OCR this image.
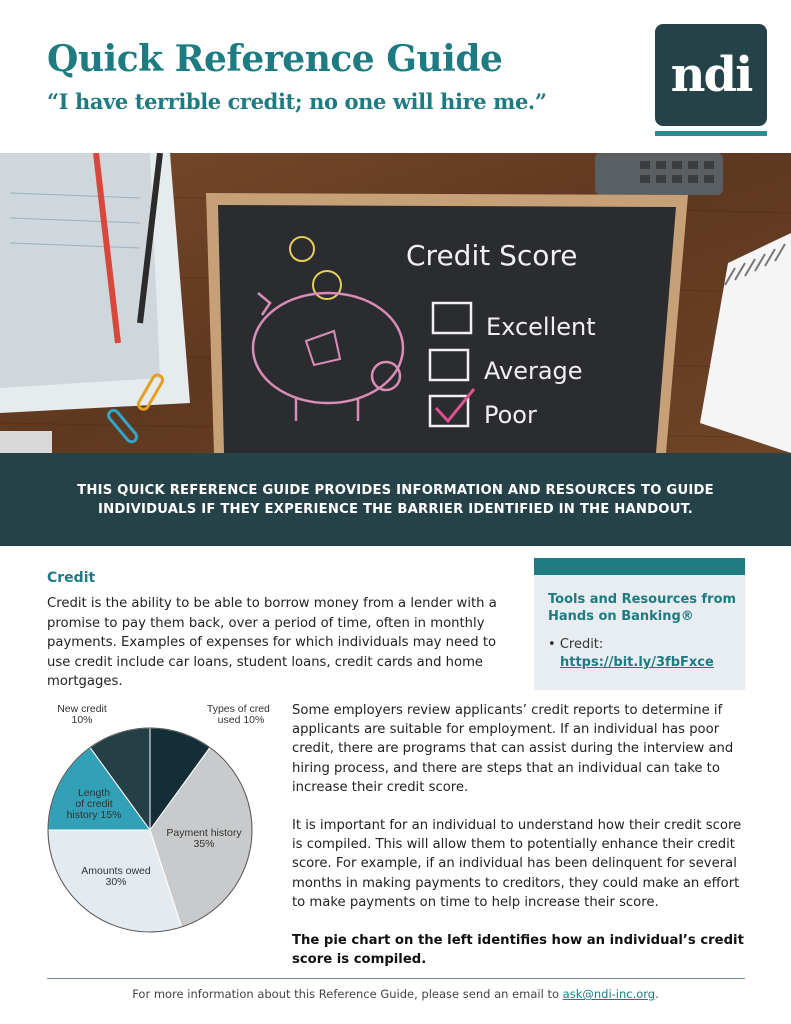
Quick Reference Guide
“I have terrible credit; no one will hire me.”	ndi
Credit Score
Excellent
Average
Poor
THIS QUICK REFERENCE GUIDE PROVIDES INFORMATION AND RESOURCES TO GUIDE INDIVIDUALS IF THEY EXPERIENCE THE BARRIER IDENTIFIED IN THE HANDOUT.
Credit
Credit is the ability to be able to borrow money from a lender with a promise to pay them back, over a period of time, often in monthly payments. Examples of expenses for which individuals may need to use credit include car loans, student loans, credit cards and home mortgages.
Tools and Resources from Hands on Banking®
• Credit:
https://bit.ly/3fbFxce
Types of credit used 10%
Payment history 35%
Amounts owed 30%
Length of credit history 15%
New credit 10%

Some employers review applicants’ credit reports to determine if applicants are suitable for employment. If an individual has poor credit, there are programs that can assist during the interview and hiring process, and there are steps that an individual can take to increase their credit score.

It is important for an individual to understand how their credit score is compiled. This will allow them to potentially enhance their credit score. For example, if an individual has been delinquent for several months in making payments to creditors, they could make an effort to make payments on time to help increase their score.

The pie chart on the left identifies how an individual’s credit score is compiled.

For more information about this Reference Guide, please send an email to ask@ndi-inc.org.
